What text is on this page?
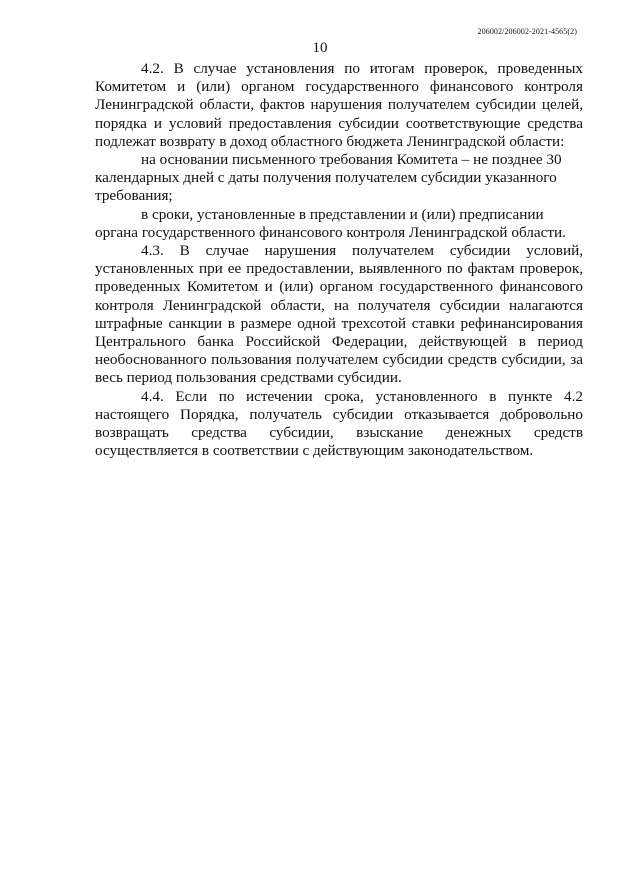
206002/206002-2021-4565(2)
10

4.2. В случае установления по итогам проверок, проведенных Комитетом и (или) органом государственного финансового контроля Ленинградской области, фактов нарушения получателем субсидии целей, порядка и условий предоставления субсидии соответствующие средства подлежат возврату в доход областного бюджета Ленинградской области:

на основании письменного требования Комитета – не позднее 30 календарных дней с даты получения получателем субсидии указанного требования;

в сроки, установленные в представлении и (или) предписании органа государственного финансового контроля Ленинградской области.

4.3. В случае нарушения получателем субсидии условий, установленных при ее предоставлении, выявленного по фактам проверок, проведенных Комитетом и (или) органом государственного финансового контроля Ленинградской области, на получателя субсидии налагаются штрафные санкции в размере одной трехсотой ставки рефинансирования Центрального банка Российской Федерации, действующей в период необоснованного пользования получателем субсидии средств субсидии, за весь период пользования средствами субсидии.

4.4. Если по истечении срока, установленного в пункте 4.2 настоящего Порядка, получатель субсидии отказывается добровольно возвращать средства субсидии, взыскание денежных средств осуществляется в соответствии с действующим законодательством.
